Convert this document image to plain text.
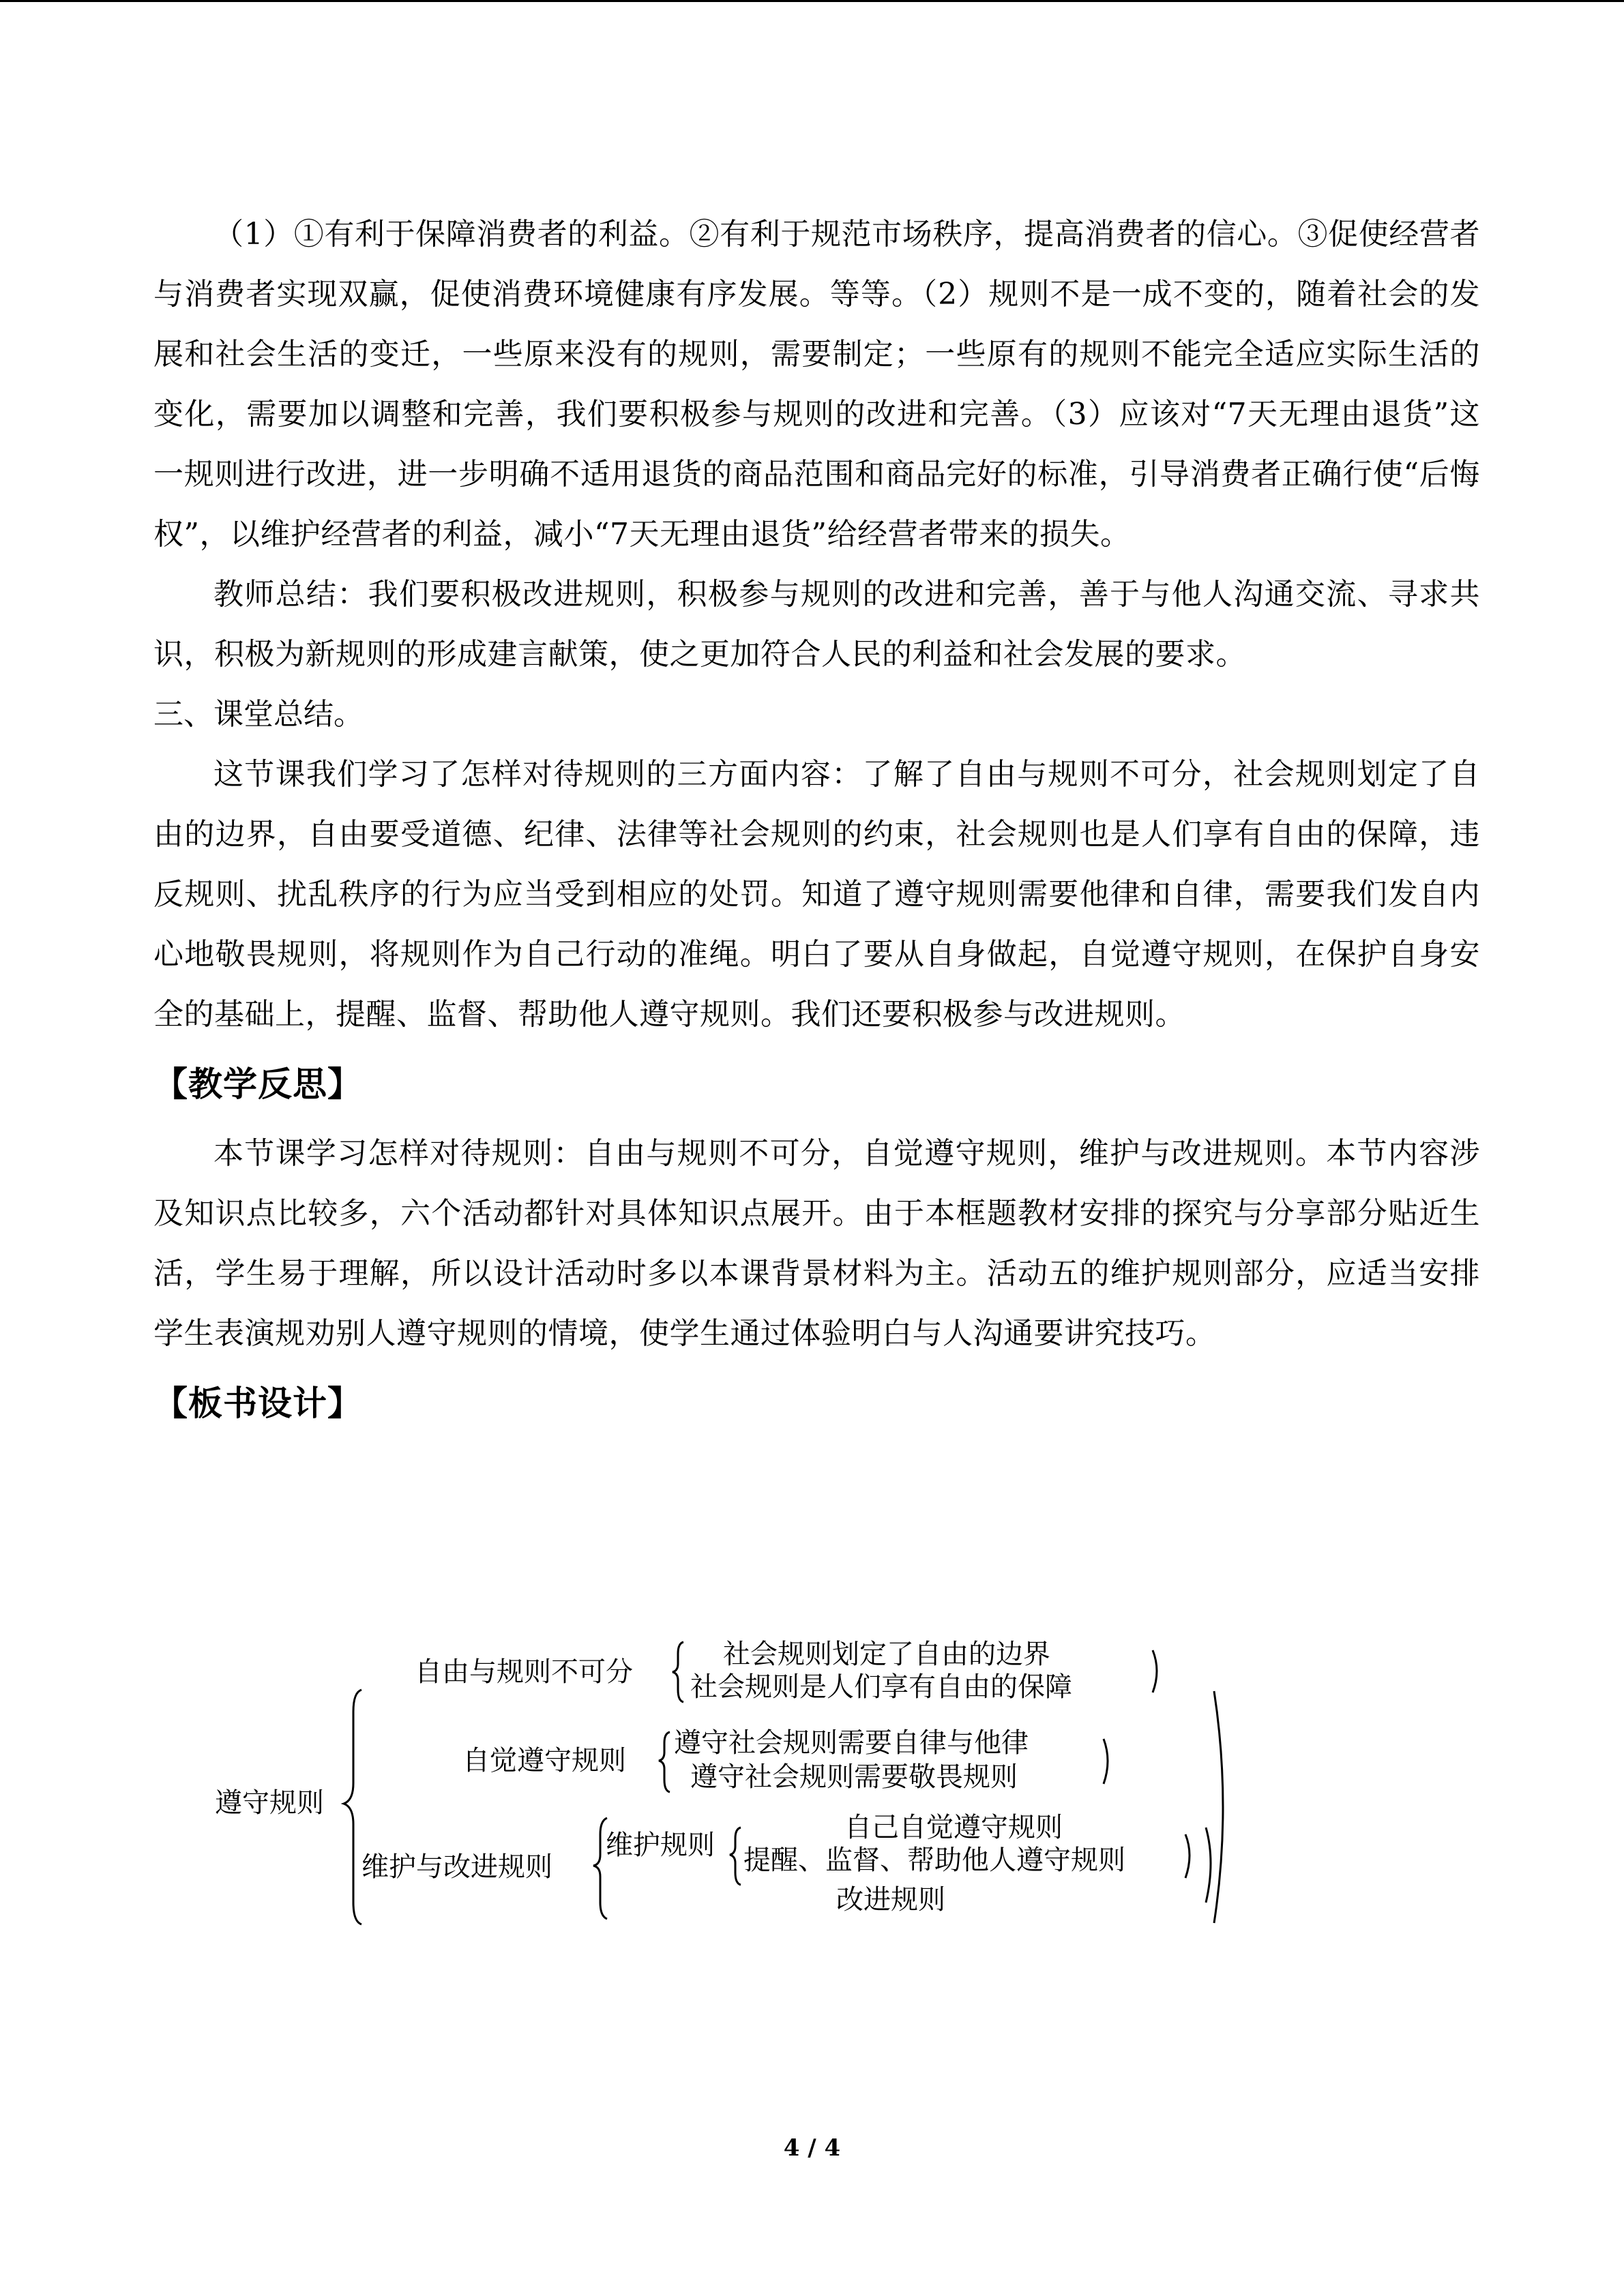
（1）①有利于保障消费者的利益。②有利于规范市场秩序，提高消费者的信心。③促使经营者与消费者实现双赢，促使消费环境健康有序发展。等等。（2）规则不是一成不变的，随着社会的发展和社会生活的变迁，一些原来没有的规则，需要制定；一些原有的规则不能完全适应实际生活的变化，需要加以调整和完善，我们要积极参与规则的改进和完善。（3）应该对“7天无理由退货”这一规则进行改进，进一步明确不适用退货的商品范围和商品完好的标准，引导消费者正确行使“后悔权”，以维护经营者的利益，减小“7天无理由退货”给经营者带来的损失。

教师总结：我们要积极改进规则，积极参与规则的改进和完善，善于与他人沟通交流、寻求共识，积极为新规则的形成建言献策，使之更加符合人民的利益和社会发展的要求。

三、课堂总结。

这节课我们学习了怎样对待规则的三方面内容：了解了自由与规则不可分，社会规则划定了自由的边界，自由要受道德、纪律、法律等社会规则的约束，社会规则也是人们享有自由的保障，违反规则、扰乱秩序的行为应当受到相应的处罚。知道了遵守规则需要他律和自律，需要我们发自内心地敬畏规则，将规则作为自己行动的准绳。明白了要从自身做起，自觉遵守规则，在保护自身安全的基础上，提醒、监督、帮助他人遵守规则。我们还要积极参与改进规则。

【教学反思】

本节课学习怎样对待规则：自由与规则不可分，自觉遵守规则，维护与改进规则。本节内容涉及知识点比较多，六个活动都针对具体知识点展开。由于本框题教材安排的探究与分享部分贴近生活，学生易于理解，所以设计活动时多以本课背景材料为主。活动五的维护规则部分，应适当安排学生表演规劝别人遵守规则的情境，使学生通过体验明白与人沟通要讲究技巧。

【板书设计】
遵守规则
自由与规则不可分
社会规则划定了自由的边界
社会规则是人们享有自由的保障
自觉遵守规则
遵守社会规则需要自律与他律
遵守社会规则需要敬畏规则
维护与改进规则
维护规则
自己自觉遵守规则
提醒、监督、帮助他人遵守规则
改进规则
4 / 4
